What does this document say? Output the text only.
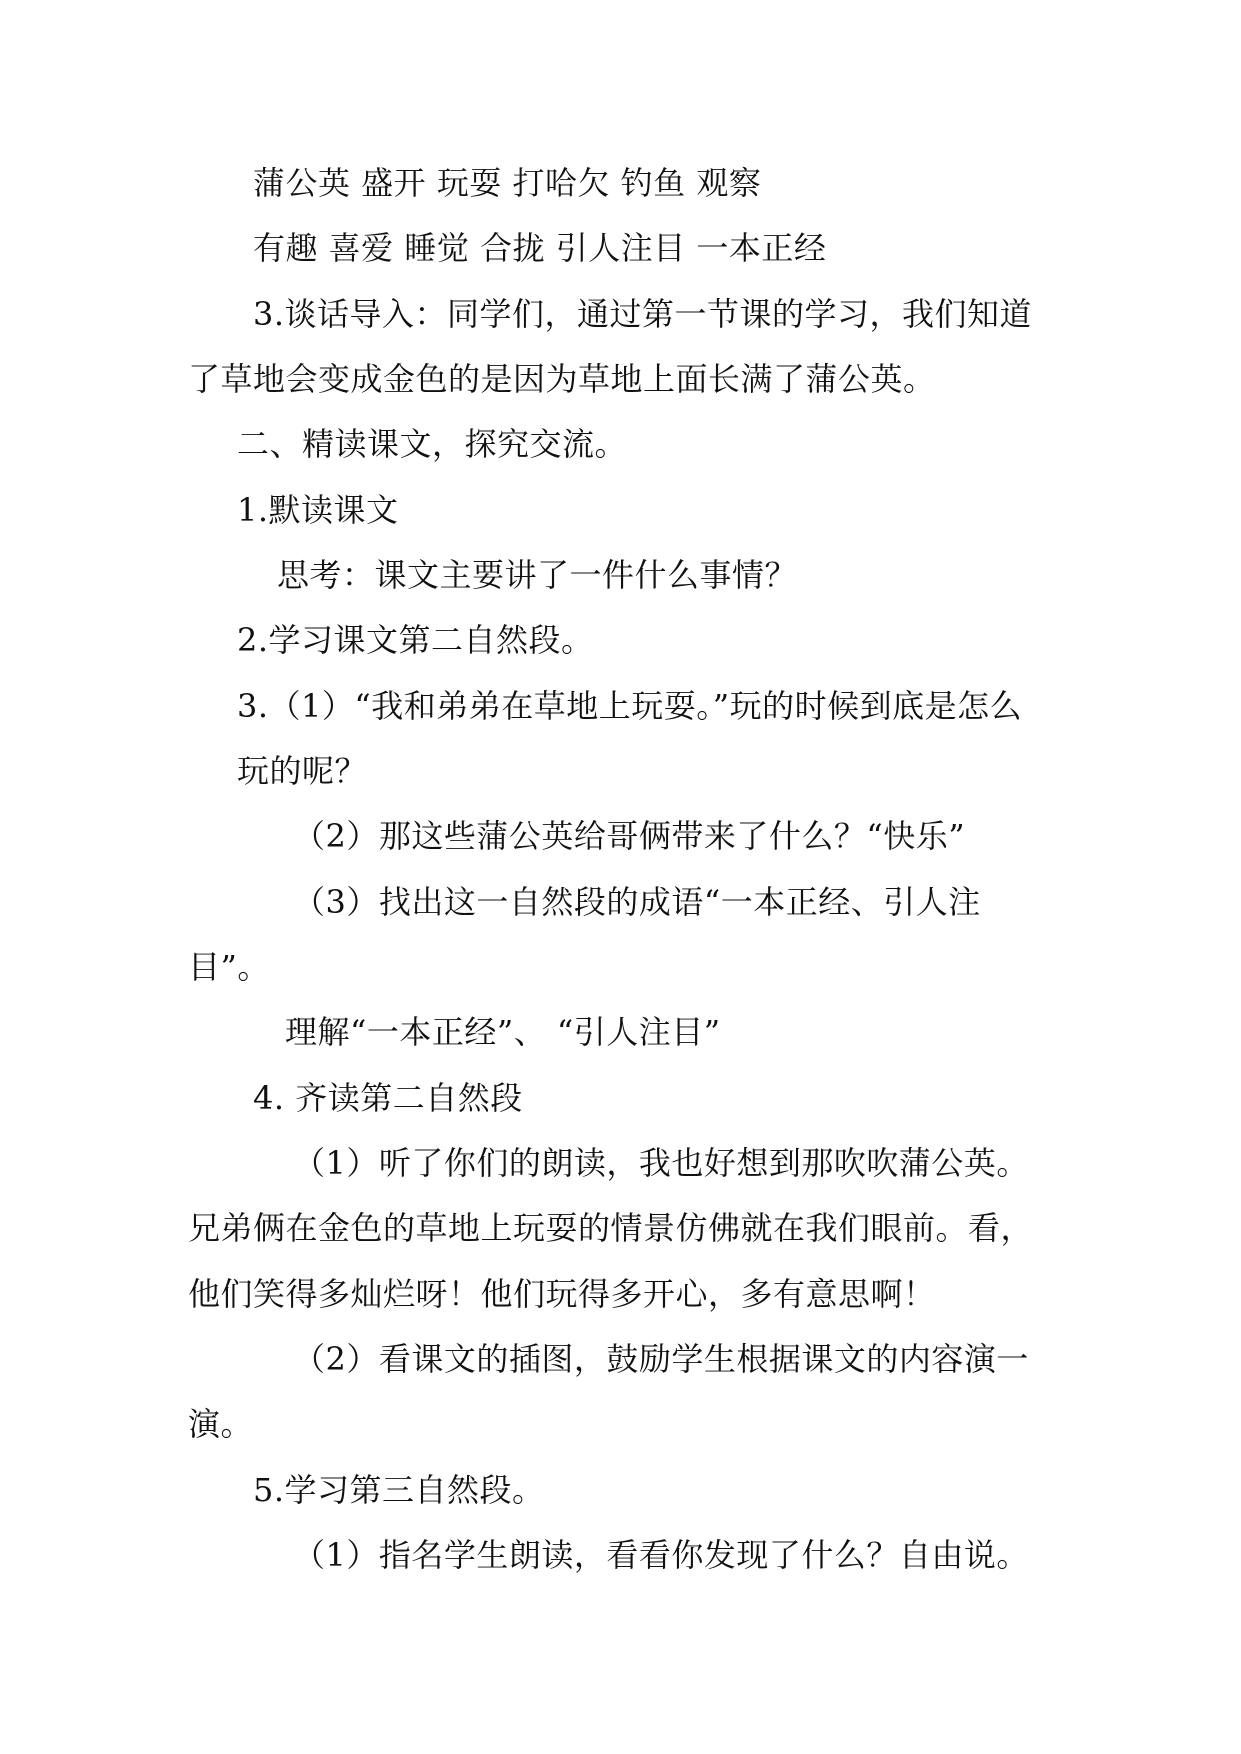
蒲公英 盛开 玩耍 打哈欠 钓鱼 观察
有趣 喜爱 睡觉 合拢 引人注目 一本正经
3.谈话导入：同学们，通过第一节课的学习，我们知道
了草地会变成金色的是因为草地上面长满了蒲公英。
二、精读课文，探究交流。
1.默读课文
思考：课文主要讲了一件什么事情？
2.学习课文第二自然段。
3.（1）“我和弟弟在草地上玩耍。”玩的时候到底是怎么
玩的呢？
（2）那这些蒲公英给哥俩带来了什么？“快乐”
（3）找出这一自然段的成语“一本正经、引人注
目”。
理解“一本正经”、 “引人注目”
4. 齐读第二自然段
（1）听了你们的朗读，我也好想到那吹吹蒲公英。
兄弟俩在金色的草地上玩耍的情景仿佛就在我们眼前。看，
他们笑得多灿烂呀！他们玩得多开心，多有意思啊！
（2）看课文的插图，鼓励学生根据课文的内容演一
演。
5.学习第三自然段。
（1）指名学生朗读，看看你发现了什么？自由说。
